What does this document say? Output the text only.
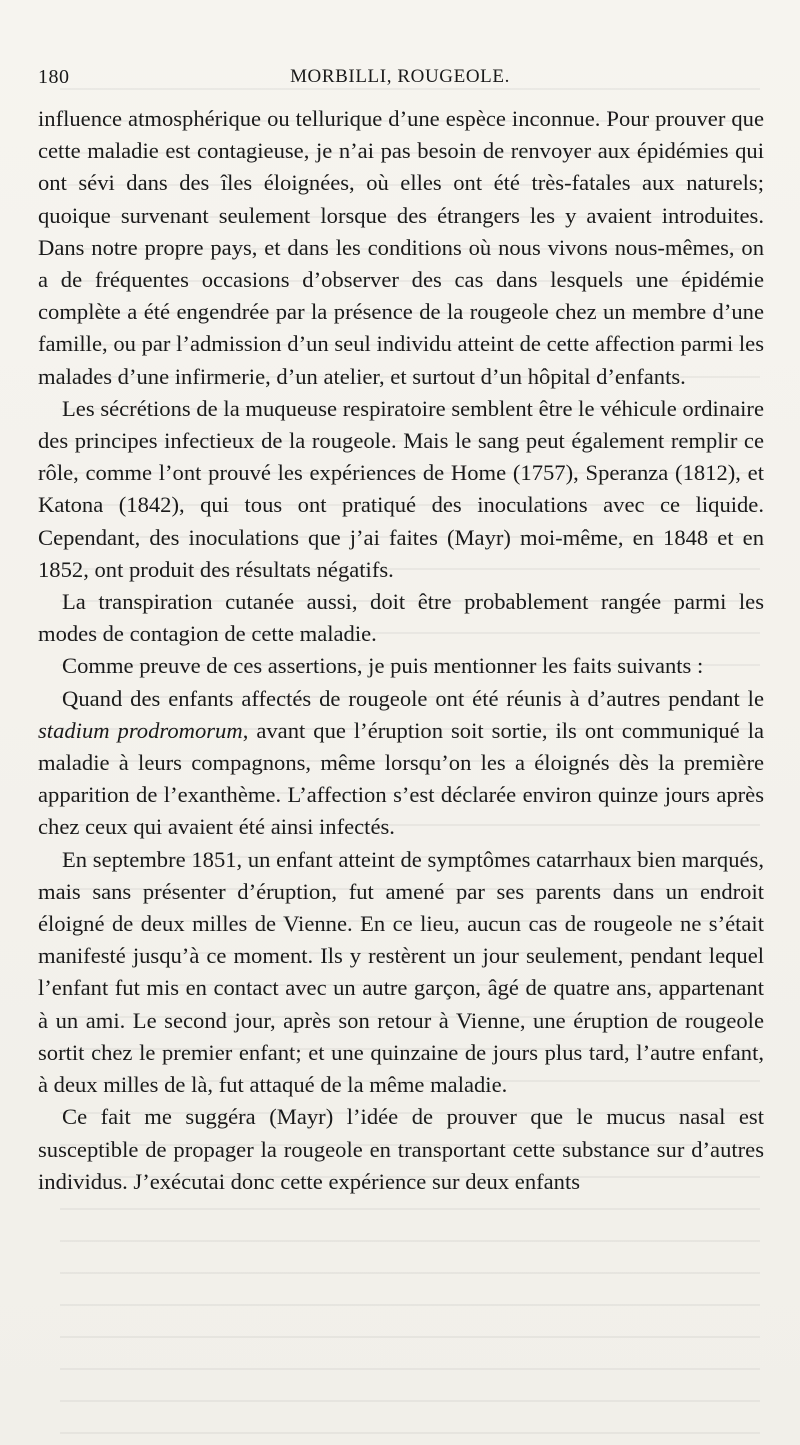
180	MORBILLI, ROUGEOLE.

influence atmosphérique ou tellurique d’une espèce inconnue. Pour prouver que cette maladie est contagieuse, je n’ai pas besoin de renvoyer aux épidémies qui ont sévi dans des îles éloignées, où elles ont été très-fatales aux naturels; quoique survenant seulement lorsque des étrangers les y avaient introduites. Dans notre propre pays, et dans les conditions où nous vivons nous-mêmes, on a de fréquentes occasions d’observer des cas dans lesquels une épidémie complète a été engendrée par la présence de la rougeole chez un membre d’une famille, ou par l’admission d’un seul individu atteint de cette affection parmi les malades d’une infirmerie, d’un atelier, et surtout d’un hôpital d’enfants.

Les sécrétions de la muqueuse respiratoire semblent être le véhicule ordinaire des principes infectieux de la rougeole. Mais le sang peut également remplir ce rôle, comme l’ont prouvé les expériences de Home (1757), Speranza (1812), et Katona (1842), qui tous ont pratiqué des inoculations avec ce liquide. Cependant, des inoculations que j’ai faites (Mayr) moi-même, en 1848 et en 1852, ont produit des résultats négatifs.

La transpiration cutanée aussi, doit être probablement rangée parmi les modes de contagion de cette maladie.

Comme preuve de ces assertions, je puis mentionner les faits suivants :

Quand des enfants affectés de rougeole ont été réunis à d’autres pendant le stadium prodromorum, avant que l’éruption soit sortie, ils ont communiqué la maladie à leurs compagnons, même lorsqu’on les a éloignés dès la première apparition de l’exanthème. L’affection s’est déclarée environ quinze jours après chez ceux qui avaient été ainsi infectés.

En septembre 1851, un enfant atteint de symptômes catarrhaux bien marqués, mais sans présenter d’éruption, fut amené par ses parents dans un endroit éloigné de deux milles de Vienne. En ce lieu, aucun cas de rougeole ne s’était manifesté jusqu’à ce moment. Ils y restèrent un jour seulement, pendant lequel l’enfant fut mis en contact avec un autre garçon, âgé de quatre ans, appartenant à un ami. Le second jour, après son retour à Vienne, une éruption de rougeole sortit chez le premier enfant; et une quinzaine de jours plus tard, l’autre enfant, à deux milles de là, fut attaqué de la même maladie.

Ce fait me suggéra (Mayr) l’idée de prouver que le mucus nasal est susceptible de propager la rougeole en transportant cette substance sur d’autres individus. J’exécutai donc cette expérience sur deux enfants
